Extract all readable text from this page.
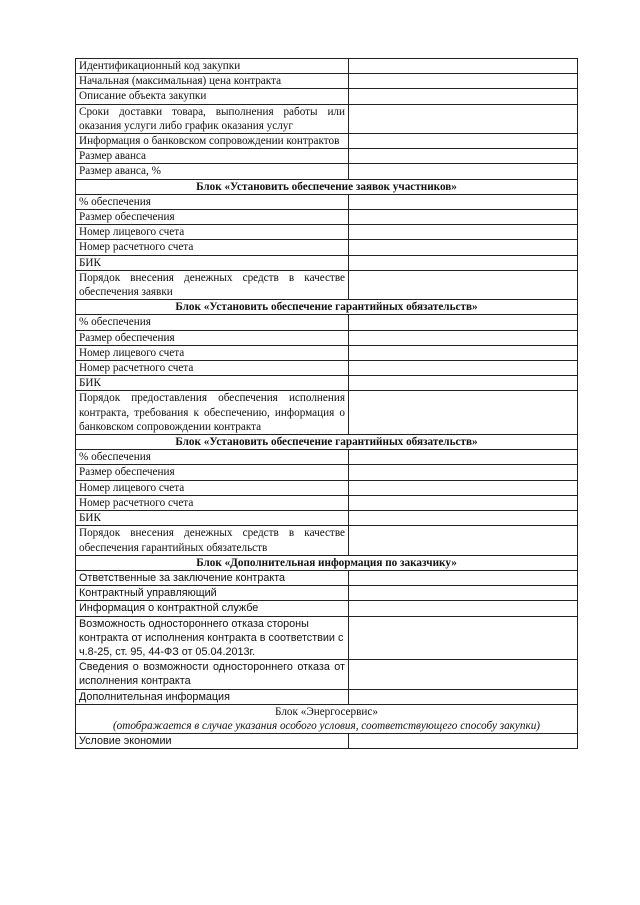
Идентификационный код закупки	
Начальная (максимальная) цена контракта	
Описание объекта закупки	
Сроки доставки товара, выполнения работы или оказания услуги либо график оказания услуг	
Информация о банковском сопровождении контрактов	
Размер аванса	
Размер аванса, %	
Блок «Установить обеспечение заявок участников»	
% обеспечения	
Размер обеспечения	
Номер лицевого счета	
Номер расчетного счета	
БИК	
Порядок внесения денежных средств в качестве обеспечения заявки	
Блок «Установить обеспечение гарантийных обязательств»	
% обеспечения	
Размер обеспечения	
Номер лицевого счета	
Номер расчетного счета	
БИК	
Порядок предоставления обеспечения исполнения контракта, требования к обеспечению, информация о банковском сопровождении контракта	
Блок «Установить обеспечение гарантийных обязательств»	
% обеспечения	
Размер обеспечения	
Номер лицевого счета	
Номер расчетного счета	
БИК	
Порядок внесения денежных средств в качестве обеспечения гарантийных обязательств	
Блок «Дополнительная информация по заказчику»	
Ответственные за заключение контракта	
Контрактный управляющий	
Информация о контрактной службе	
Возможность одностороннего отказа стороны контракта от исполнения контракта в соответствии с ч.8-25, ст. 95, 44-ФЗ от 05.04.2013г.	
Сведения о возможности одностороннего отказа от исполнения контракта	
Дополнительная информация	

Блок «Энергосервис»
(отображается в случае указания особого условия, соответствующего способу закупки)	

Условие экономии	
